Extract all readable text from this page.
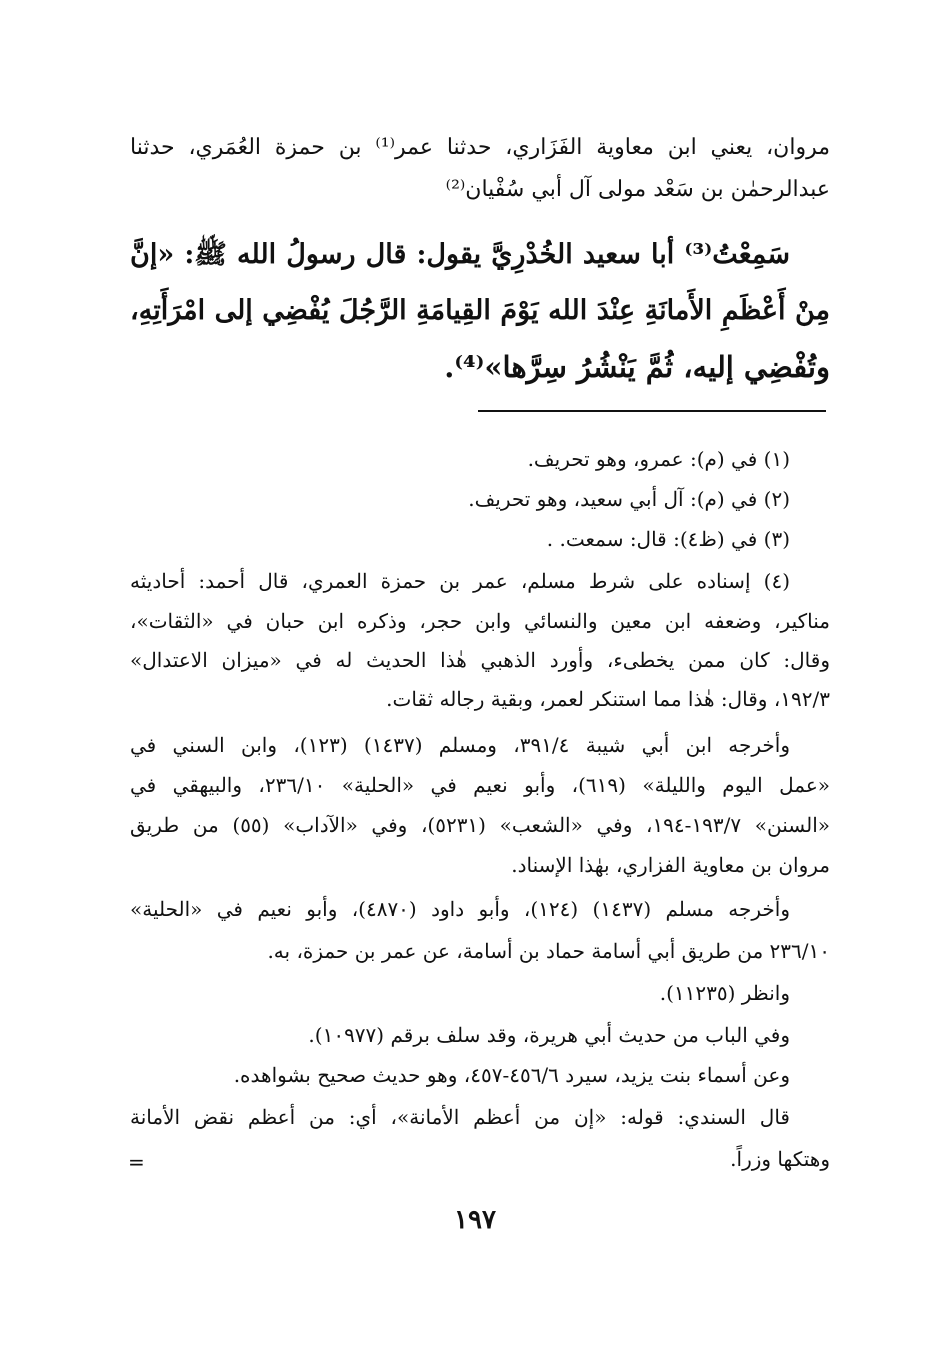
مروان، يعني ابن معاوية الفَزَاري، حدثنا عمر⁽¹⁾ بن حمزة العُمَري، حدثنا
عبدالرحمٰن بن سَعْد مولى آل أبي سُفْيان⁽²⁾
سَمِعْتُ⁽³⁾ أبا سعيد الخُدْرِيَّ يقول: قال رسولُ الله ﷺ: «إنَّ
مِنْ أَعْظَمِ الأَمانَةِ عِنْدَ الله يَوْمَ القِيامَةِ الرَّجُلَ يُفْضِي إلى امْرَأَتِهِ،
وتُفْضِي إليه، ثُمَّ يَنْشُرُ سِرَّها»⁽⁴⁾.
(١) في (م): عمرو، وهو تحريف.
(٢) في (م): آل أبي سعيد، وهو تحريف.
(٣) في (ظ٤): قال: سمعت. .
(٤) إسناده على شرط مسلم، عمر بن حمزة العمري، قال أحمد: أحاديثه
مناكير، وضعفه ابن معين والنسائي وابن حجر، وذكره ابن حبان في «الثقات»،
وقال: كان ممن يخطىء، وأورد الذهبي هٰذا الحديث له في «ميزان الاعتدال»
١٩٢/٣، وقال: هٰذا مما استنكر لعمر، وبقية رجاله ثقات.
وأخرجه ابن أبي شيبة ٣٩١/٤، ومسلم (١٤٣٧) (١٢٣)، وابن السني في
«عمل اليوم والليلة» (٦١٩)، وأبو نعيم في «الحلية» ٢٣٦/١٠، والبيهقي في
«السنن» ١٩٣/٧-١٩٤، وفي «الشعب» (٥٢٣١)، وفي «الآداب» (٥٥) من طريق
مروان بن معاوية الفزاري، بهٰذا الإسناد.
وأخرجه مسلم (١٤٣٧) (١٢٤)، وأبو داود (٤٨٧٠)، وأبو نعيم في «الحلية»
٢٣٦/١٠ من طريق أبي أسامة حماد بن أسامة، عن عمر بن حمزة، به.
وانظر (١١٢٣٥).
وفي الباب من حديث أبي هريرة، وقد سلف برقم (١٠٩٧٧).
وعن أسماء بنت يزيد، سيرد ٤٥٦/٦-٤٥٧، وهو حديث صحيح بشواهده.
قال السندي: قوله: «إن من أعظم الأمانة»، أي: من أعظم نقض الأمانة
وهتكها وزراً.
=
١٩٧
